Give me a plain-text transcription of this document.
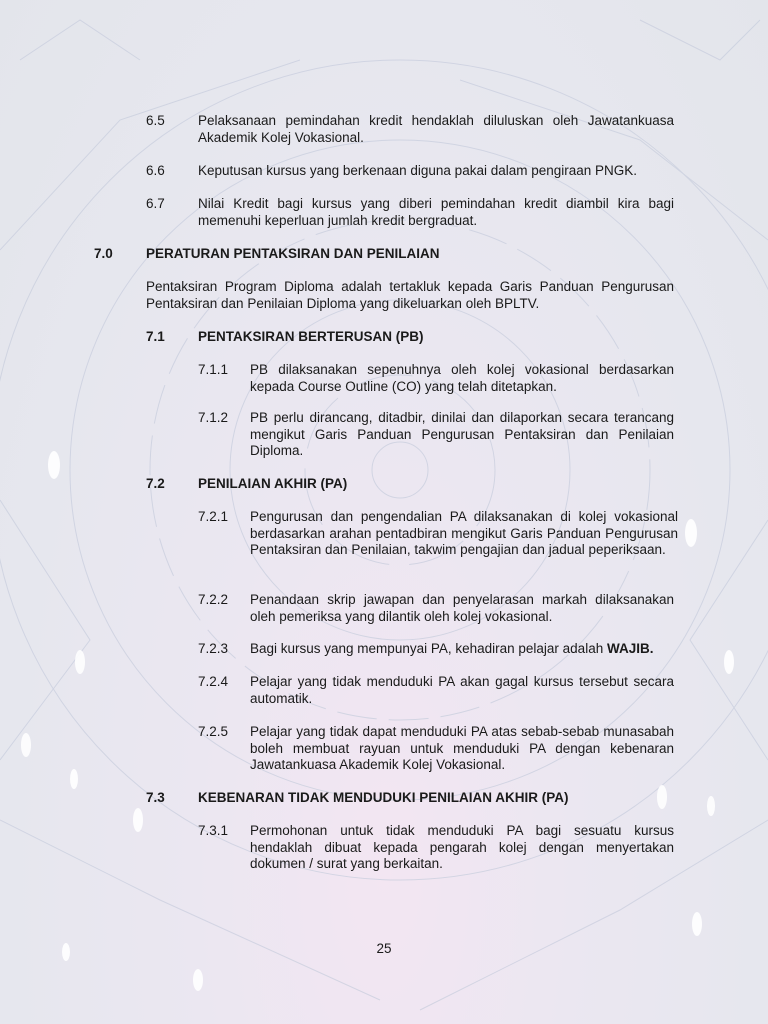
6.5 Pelaksanaan pemindahan kredit hendaklah diluluskan oleh Jawatankuasa Akademik Kolej Vokasional.
6.6 Keputusan kursus yang berkenaan diguna pakai dalam pengiraan PNGK.
6.7 Nilai Kredit bagi kursus yang diberi pemindahan kredit diambil kira bagi memenuhi keperluan jumlah kredit bergraduat.
7.0 PERATURAN PENTAKSIRAN DAN PENILAIAN
Pentaksiran Program Diploma adalah tertakluk kepada Garis Panduan Pengurusan Pentaksiran dan Penilaian Diploma yang dikeluarkan oleh BPLTV.
7.1 PENTAKSIRAN BERTERUSAN (PB)
7.1.1 PB dilaksanakan sepenuhnya oleh kolej vokasional berdasarkan kepada Course Outline (CO) yang telah ditetapkan.
7.1.2 PB perlu dirancang, ditadbir, dinilai dan dilaporkan secara terancang mengikut Garis Panduan Pengurusan Pentaksiran dan Penilaian Diploma.
7.2 PENILAIAN AKHIR (PA)
7.2.1 Pengurusan dan pengendalian PA dilaksanakan di kolej vokasional berdasarkan arahan pentadbiran mengikut Garis Panduan Pengurusan Pentaksiran dan Penilaian, takwim pengajian dan jadual peperiksaan.
7.2.2 Penandaan skrip jawapan dan penyelarasan markah dilaksanakan oleh pemeriksa yang dilantik oleh kolej vokasional.
7.2.3 Bagi kursus yang mempunyai PA, kehadiran pelajar adalah WAJIB.
7.2.4 Pelajar yang tidak menduduki PA akan gagal kursus tersebut secara automatik.
7.2.5 Pelajar yang tidak dapat menduduki PA atas sebab-sebab munasabah boleh membuat rayuan untuk menduduki PA dengan kebenaran Jawatankuasa Akademik Kolej Vokasional.
7.3 KEBENARAN TIDAK MENDUDUKI PENILAIAN AKHIR (PA)
7.3.1 Permohonan untuk tidak menduduki PA bagi sesuatu kursus hendaklah dibuat kepada pengarah kolej dengan menyertakan dokumen / surat yang berkaitan.
25
